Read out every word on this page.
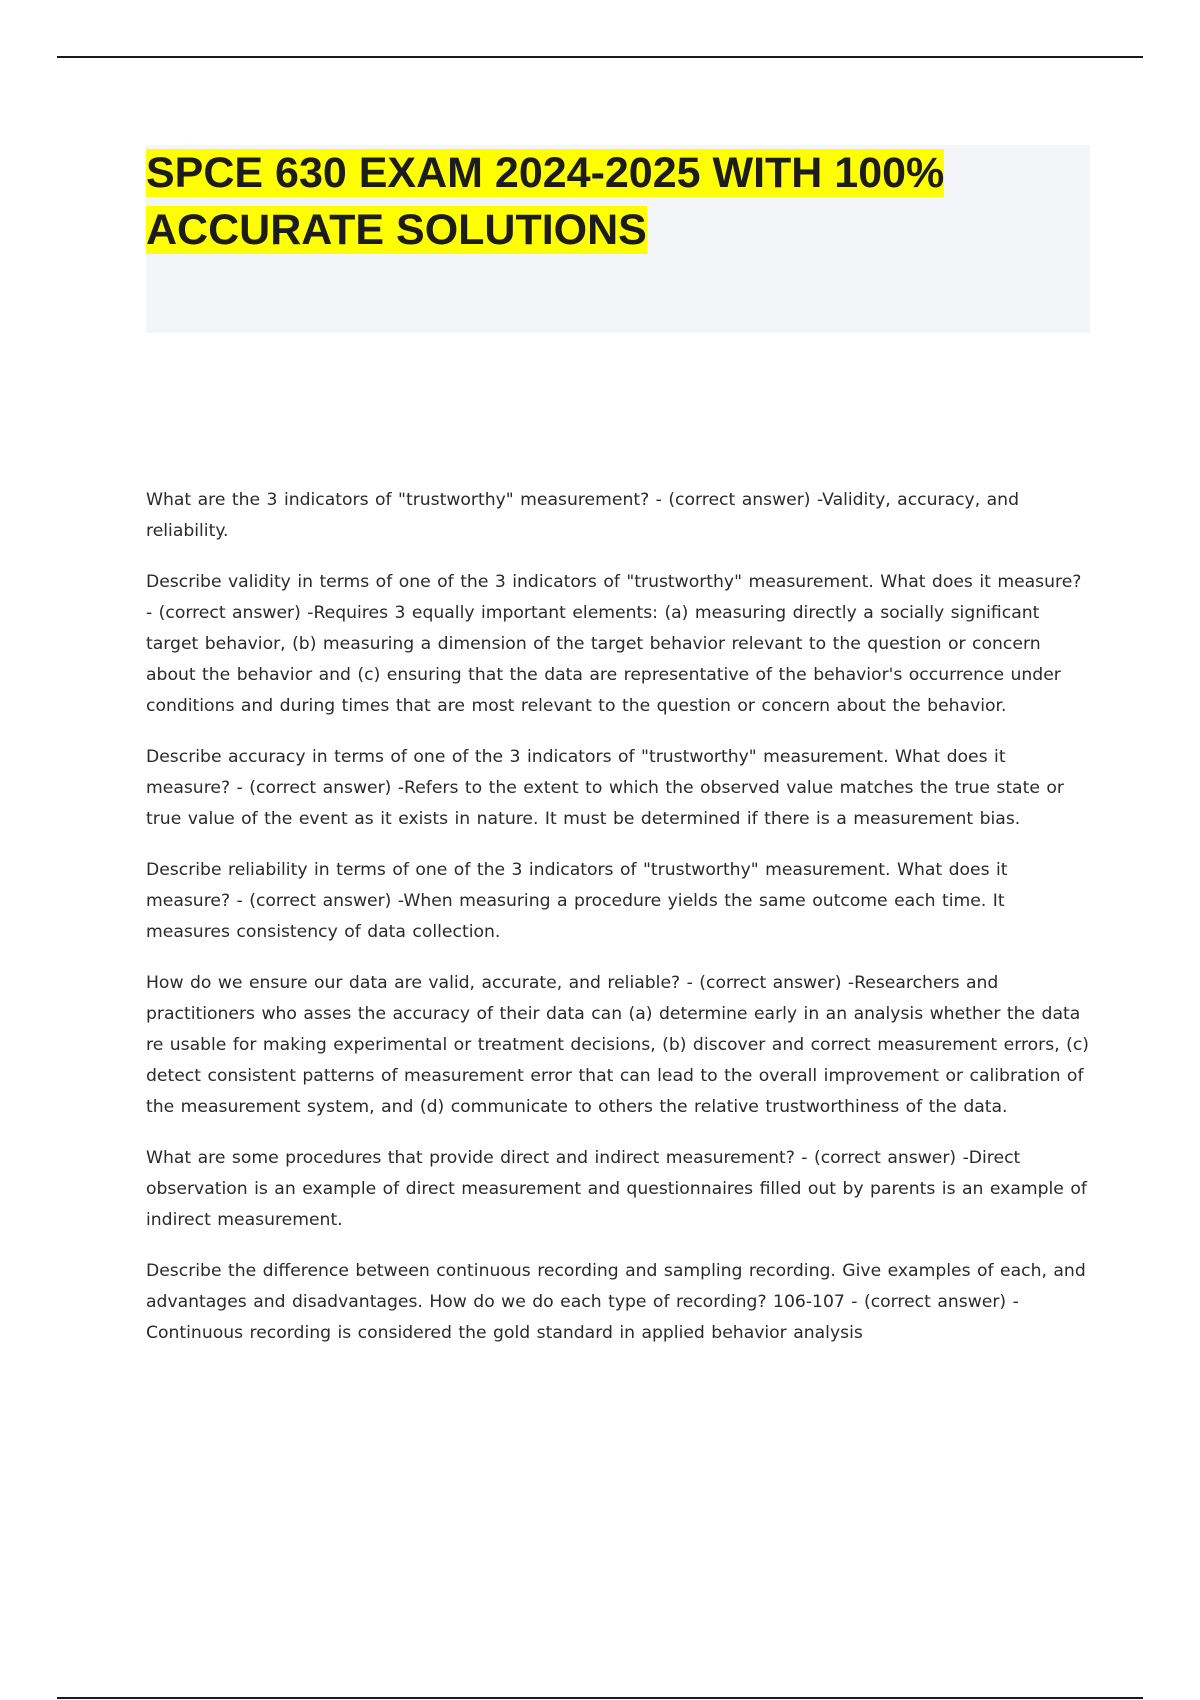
SPCE 630 EXAM 2024-2025 WITH 100% ACCURATE SOLUTIONS

What are the 3 indicators of "trustworthy" measurement? - (correct answer) -Validity, accuracy, and reliability.

Describe validity in terms of one of the 3 indicators of "trustworthy" measurement. What does it measure? - (correct answer) -Requires 3 equally important elements: (a) measuring directly a socially significant target behavior, (b) measuring a dimension of the target behavior relevant to the question or concern about the behavior and (c) ensuring that the data are representative of the behavior's occurrence under conditions and during times that are most relevant to the question or concern about the behavior.

Describe accuracy in terms of one of the 3 indicators of "trustworthy" measurement. What does it measure? - (correct answer) -Refers to the extent to which the observed value matches the true state or true value of the event as it exists in nature. It must be determined if there is a measurement bias.

Describe reliability in terms of one of the 3 indicators of "trustworthy" measurement. What does it measure? - (correct answer) -When measuring a procedure yields the same outcome each time. It measures consistency of data collection.

How do we ensure our data are valid, accurate, and reliable? - (correct answer) -Researchers and practitioners who asses the accuracy of their data can (a) determine early in an analysis whether the data re usable for making experimental or treatment decisions, (b) discover and correct measurement errors, (c) detect consistent patterns of measurement error that can lead to the overall improvement or calibration of the measurement system, and (d) communicate to others the relative trustworthiness of the data.

What are some procedures that provide direct and indirect measurement? - (correct answer) -Direct observation is an example of direct measurement and questionnaires filled out by parents is an example of indirect measurement.

Describe the difference between continuous recording and sampling recording. Give examples of each, and advantages and disadvantages. How do we do each type of recording? 106-107 - (correct answer) -Continuous recording is considered the gold standard in applied behavior analysis
